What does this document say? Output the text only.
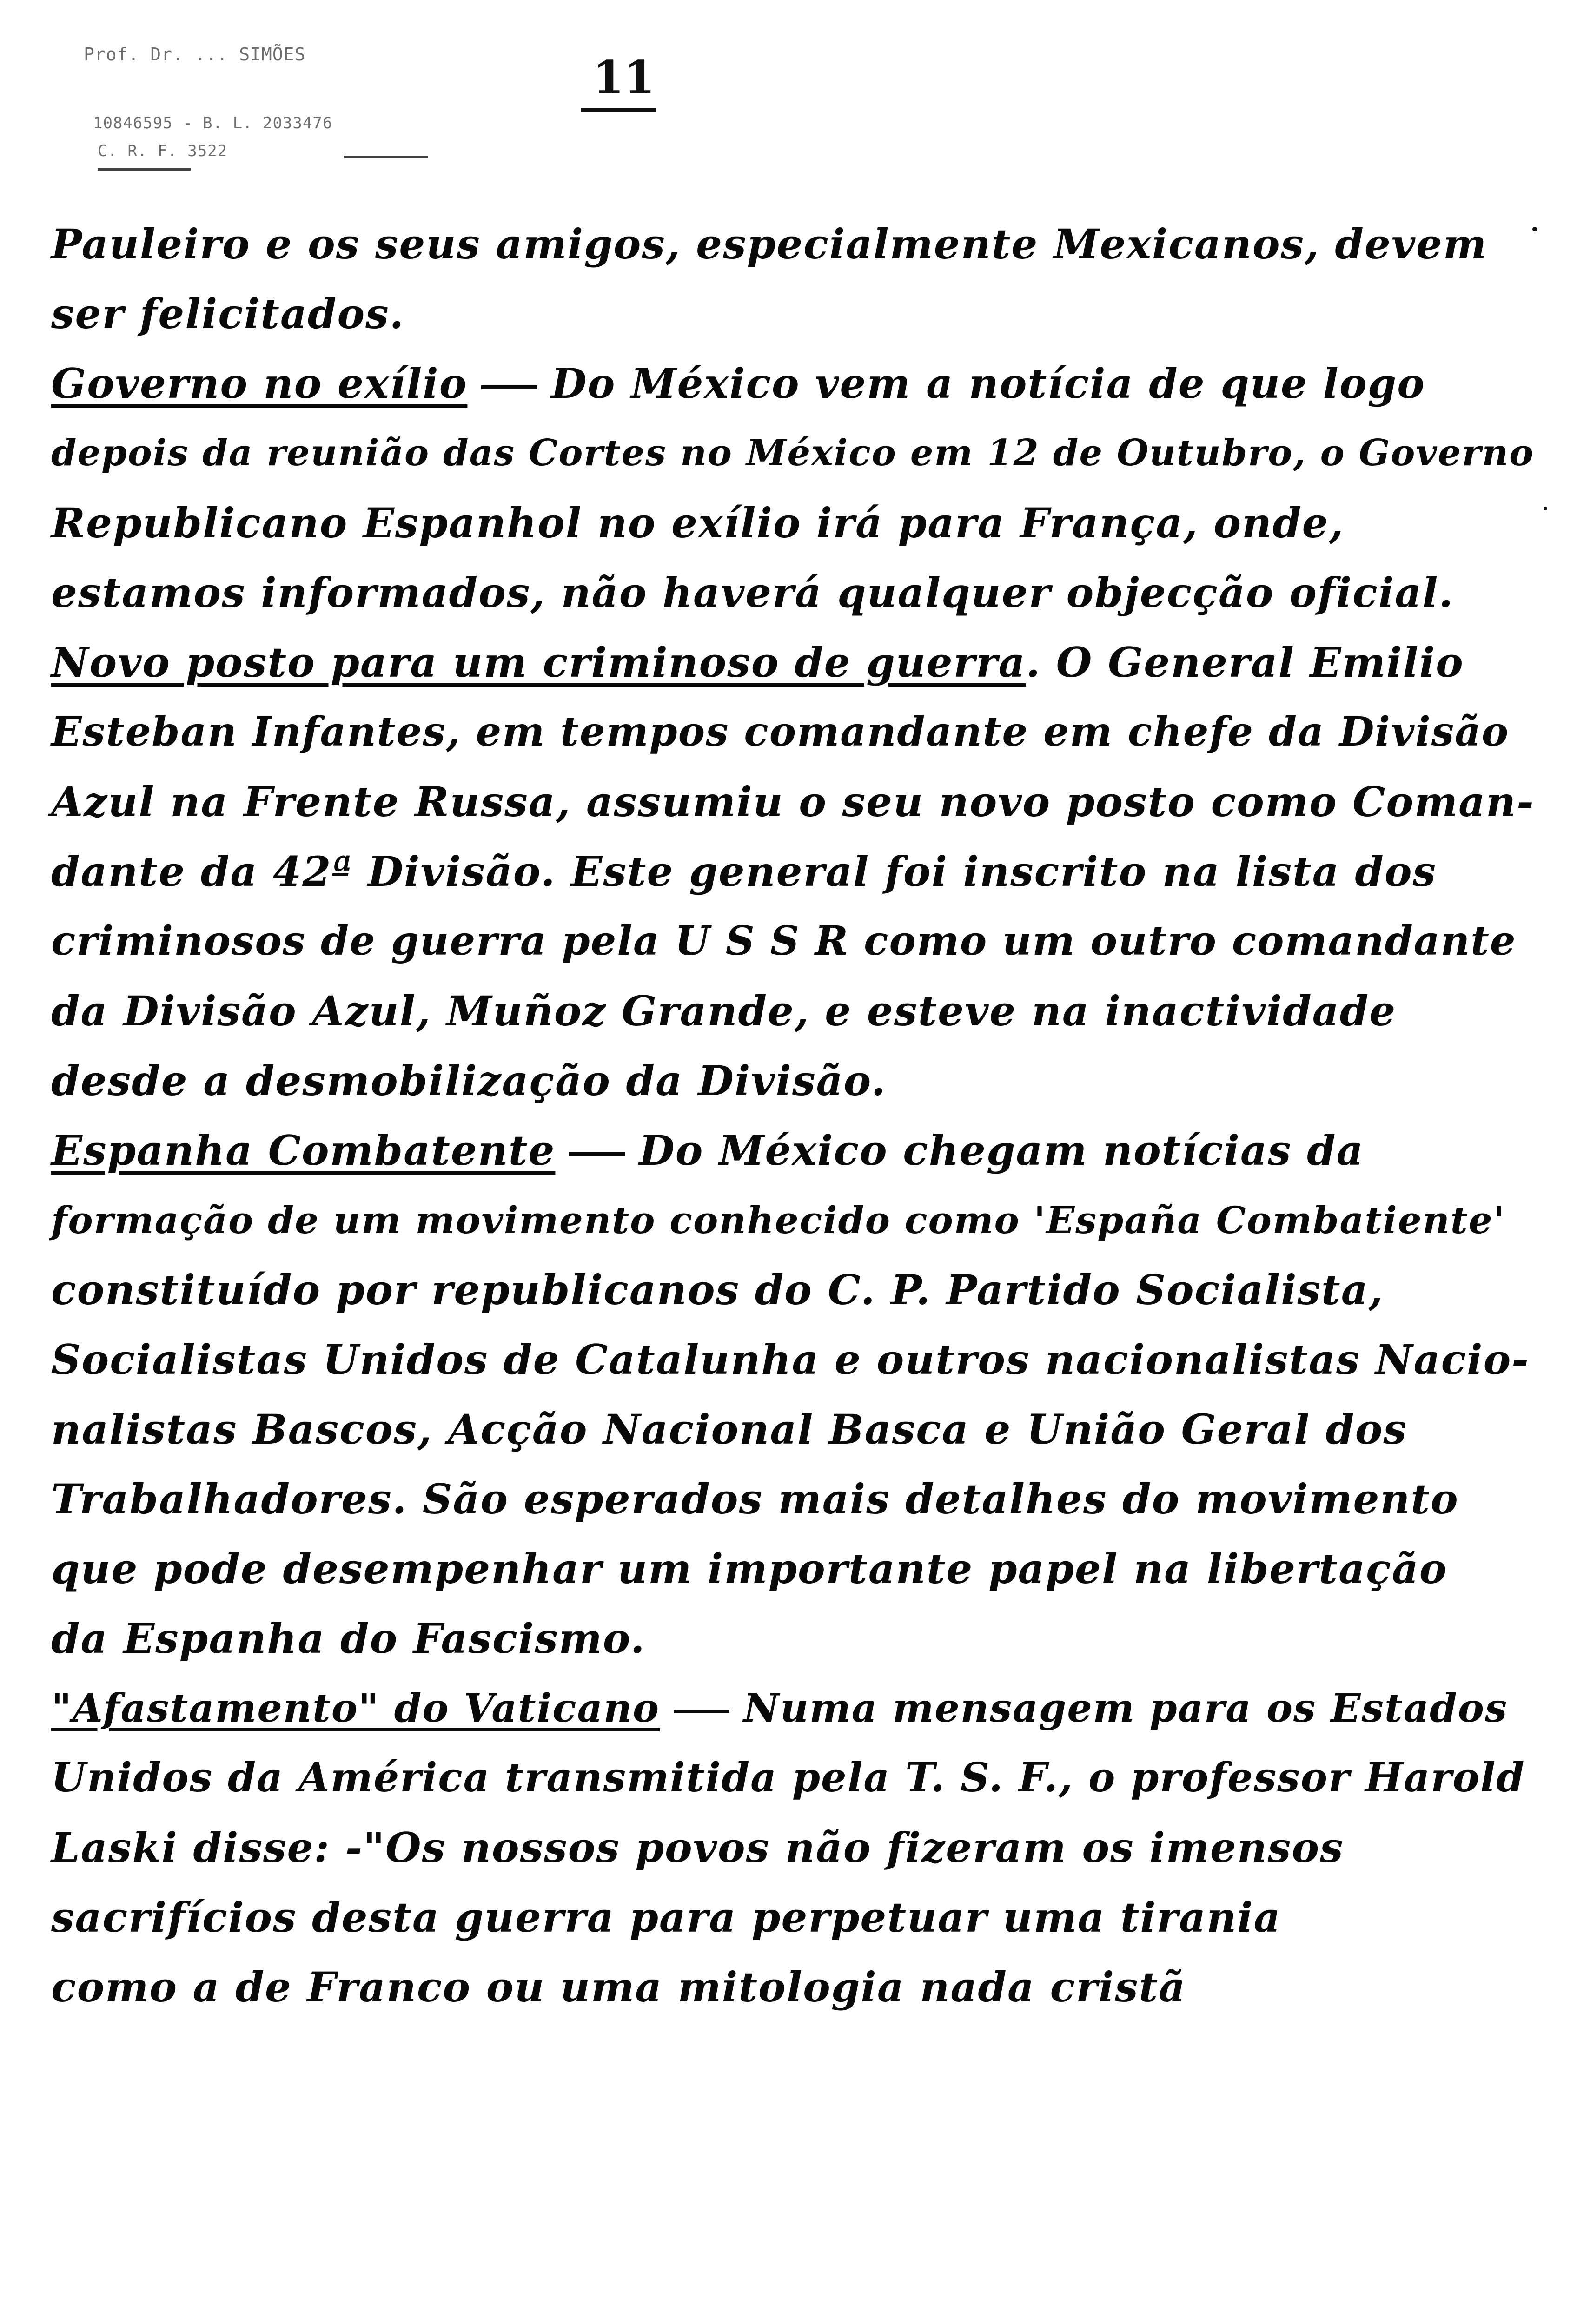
Prof. Dr. ... SIMÕES
10846595 - B. L. 2033476
C. R. F. 3522
11
Pauleiro e os seus amigos, especialmente Mexicanos, devem
ser felicitados.
Governo no exílio Do México vem a notícia de que logo
depois da reunião das Cortes no México em 12 de Outubro, o Governo
Republicano Espanhol no exílio irá para França, onde,
estamos informados, não haverá qualquer objecção oficial.
Novo posto para um criminoso de guerra. O General Emilio
Esteban Infantes, em tempos comandante em chefe da Divisão
Azul na Frente Russa, assumiu o seu novo posto como Coman-
dante da 42ª Divisão. Este general foi inscrito na lista dos
criminosos de guerra pela U S S R como um outro comandante
da Divisão Azul, Muñoz Grande, e esteve na inactividade
desde a desmobilização da Divisão.
Espanha Combatente Do México chegam notícias da
formação de um movimento conhecido como 'España Combatiente'
constituído por republicanos do C. P. Partido Socialista,
Socialistas Unidos de Catalunha e outros nacionalistas Nacio-
nalistas Bascos, Acção Nacional Basca e União Geral dos
Trabalhadores. São esperados mais detalhes do movimento
que pode desempenhar um importante papel na libertação
da Espanha do Fascismo.
"Afastamento" do Vaticano Numa mensagem para os Estados
Unidos da América transmitida pela T. S. F., o professor Harold
Laski disse: -"Os nossos povos não fizeram os imensos
sacrifícios desta guerra para perpetuar uma tirania
como a de Franco ou uma mitologia nada cristã
